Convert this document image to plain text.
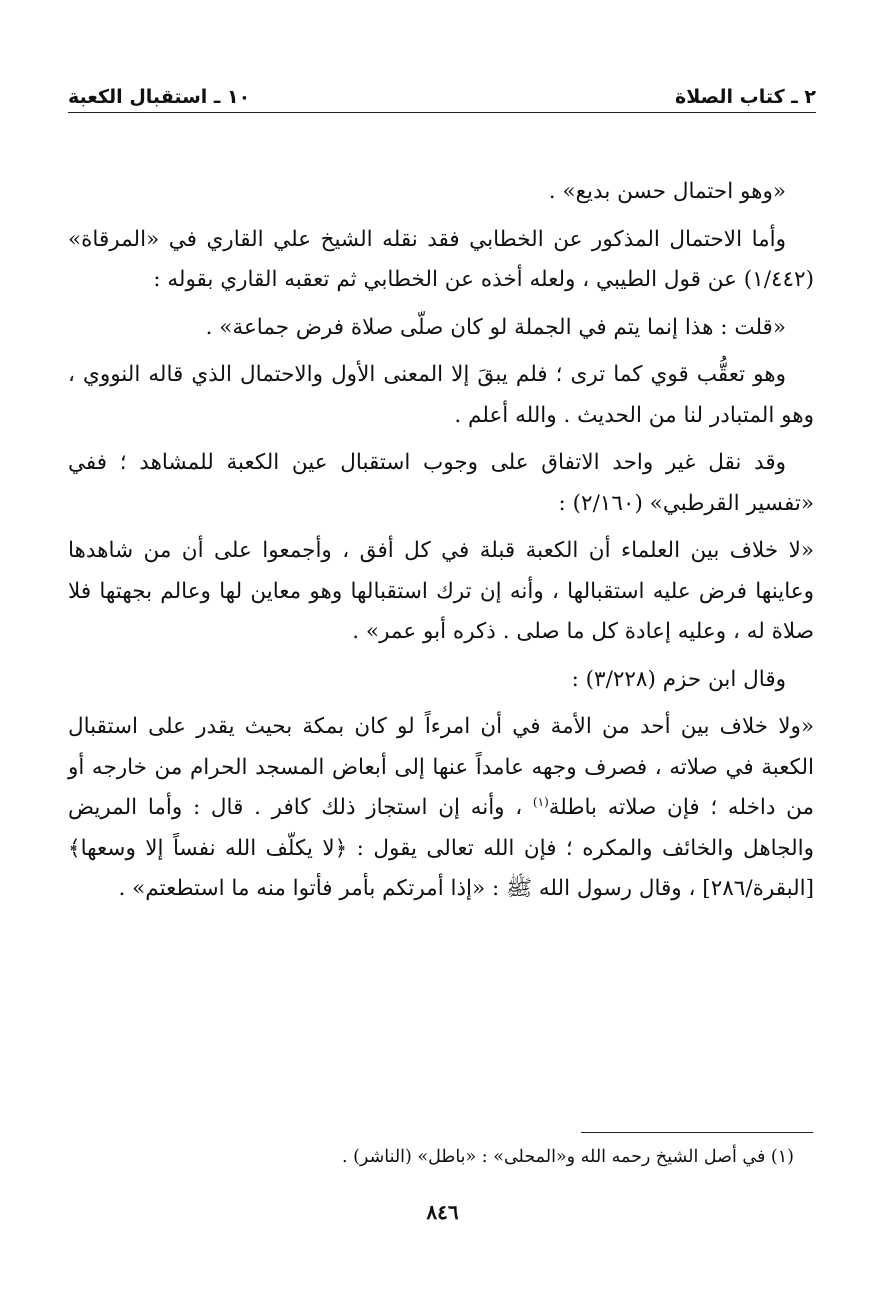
١٠ ـ استقبال الكعبة	٢ ـ كتاب الصلاة

«وهو احتمال حسن بديع» .

وأما الاحتمال المذكور عن الخطابي فقد نقله الشيخ علي القاري في «المرقاة» (١/٤٤٢) عن قول الطيبي ، ولعله أخذه عن الخطابي ثم تعقبه القاري بقوله :

«قلت : هذا إنما يتم في الجملة لو كان صلّى صلاة فرض جماعة» .

وهو تعقُّب قوي كما ترى ؛ فلم يبقَ إلا المعنى الأول والاحتمال الذي قاله النووي ، وهو المتبادر لنا من الحديث . والله أعلم .

وقد نقل غير واحد الاتفاق على وجوب استقبال عين الكعبة للمشاهد ؛ ففي «تفسير القرطبي» (٢/١٦٠) :

«لا خلاف بين العلماء أن الكعبة قبلة في كل أفق ، وأجمعوا على أن من شاهدها وعاينها فرض عليه استقبالها ، وأنه إن ترك استقبالها وهو معاين لها وعالم بجهتها فلا صلاة له ، وعليه إعادة كل ما صلى . ذكره أبو عمر» .

وقال ابن حزم (٣/٢٢٨) :

«ولا خلاف بين أحد من الأمة في أن امرءاً لو كان بمكة بحيث يقدر على استقبال الكعبة في صلاته ، فصرف وجهه عامداً عنها إلى أبعاض المسجد الحرام من خارجه أو من داخله ؛ فإن صلاته باطلة$^{(١)}$ ، وأنه إن استجاز ذلك كافر . قال : وأما المريض والجاهل والخائف والمكره ؛ فإن الله تعالى يقول : ﴿لا يكلّف الله نفساً إلا وسعها﴾ [البقرة/٢٨٦] ، وقال رسول الله ﷺ : «إذا أمرتكم بأمر فأتوا منه ما استطعتم» .

(١) في أصل الشيخ رحمه الله و«المحلى» : «باطل» (الناشر) .
٨٤٦
